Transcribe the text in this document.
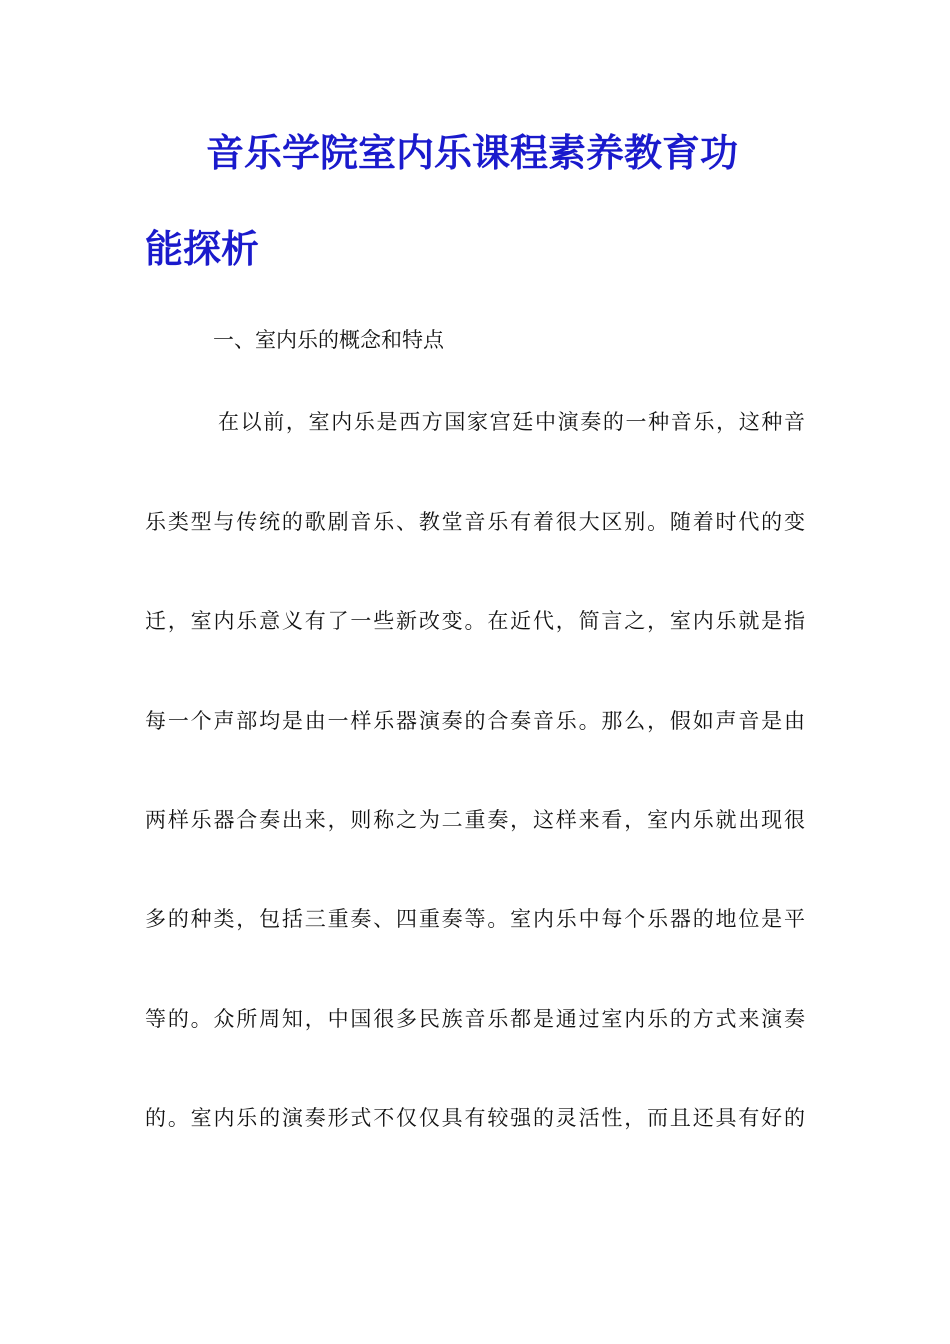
音乐学院室内乐课程素养教育功
能探析
一、室内乐的概念和特点
在以前，室内乐是西方国家宫廷中演奏的一种音乐，这种音
乐类型与传统的歌剧音乐、教堂音乐有着很大区别。随着时代的变
迁，室内乐意义有了一些新改变。在近代，简言之，室内乐就是指
每一个声部均是由一样乐器演奏的合奏音乐。那么，假如声音是由
两样乐器合奏出来，则称之为二重奏，这样来看，室内乐就出现很
多的种类，包括三重奏、四重奏等。室内乐中每个乐器的地位是平
等的。众所周知，中国很多民族音乐都是通过室内乐的方式来演奏
的。室内乐的演奏形式不仅仅具有较强的灵活性，而且还具有好的
